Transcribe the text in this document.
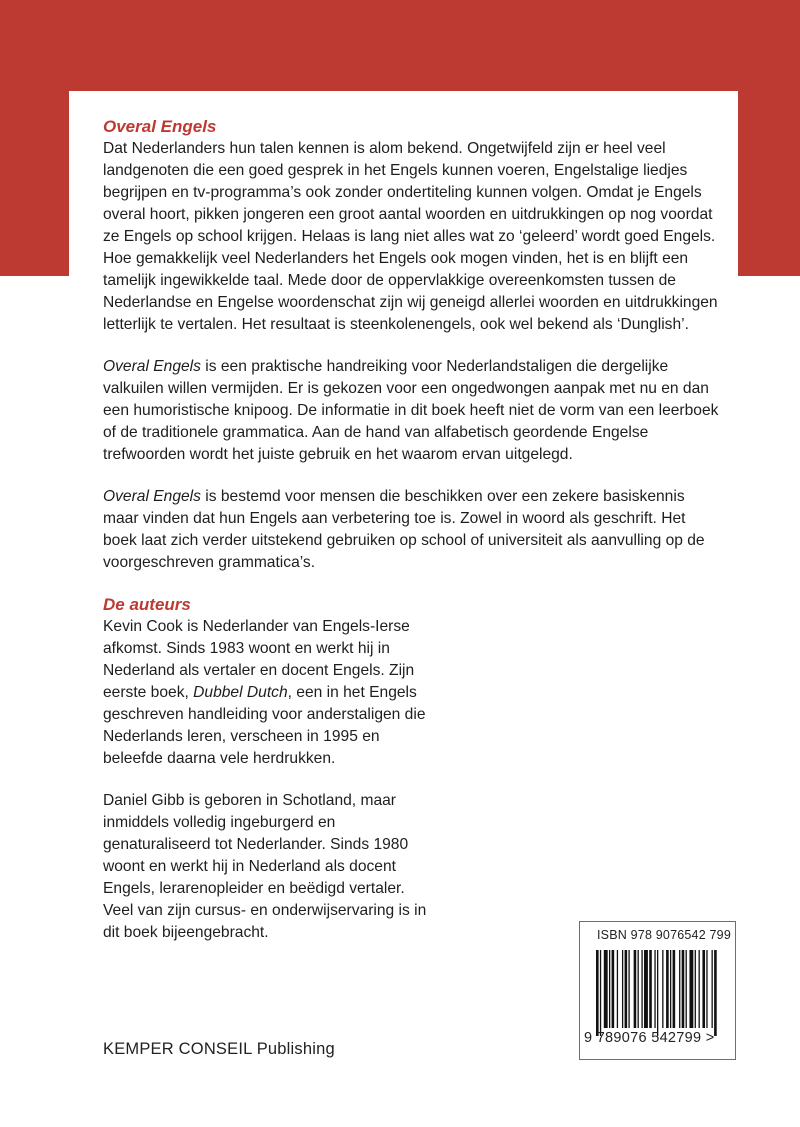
Overal Engels

Dat Nederlanders hun talen kennen is alom bekend. Ongetwijfeld zijn er heel veel landgenoten die een goed gesprek in het Engels kunnen voeren, Engelstalige liedjes begrijpen en tv-programma’s ook zonder ondertiteling kunnen volgen. Omdat je Engels overal hoort, pikken jongeren een groot aantal woorden en uitdrukkingen op nog voordat ze Engels op school krijgen. Helaas is lang niet alles wat zo ‘geleerd’ wordt goed Engels. Hoe gemakkelijk veel Nederlanders het Engels ook mogen vinden, het is en blijft een tamelijk ingewikkelde taal. Mede door de oppervlakkige overeenkomsten tussen de Nederlandse en Engelse woordenschat zijn wij geneigd allerlei woorden en uitdrukkingen letterlijk te vertalen. Het resultaat is steenkolenengels, ook wel bekend als ‘Dunglish’.

Overal Engels is een praktische handreiking voor Nederlandstaligen die dergelijke valkuilen willen vermijden. Er is gekozen voor een ongedwongen aanpak met nu en dan een humoristische knipoog. De informatie in dit boek heeft niet de vorm van een leerboek of de traditionele grammatica. Aan de hand van alfabetisch geordende Engelse trefwoorden wordt het juiste gebruik en het waarom ervan uitgelegd.

Overal Engels is bestemd voor mensen die beschikken over een zekere basiskennis maar vinden dat hun Engels aan verbetering toe is. Zowel in woord als geschrift. Het boek laat zich verder uitstekend gebruiken op school of universiteit als aanvulling op de voorgeschreven grammatica’s.

De auteurs

Kevin Cook is Nederlander van Engels-Ierse afkomst. Sinds 1983 woont en werkt hij in Nederland als vertaler en docent Engels. Zijn eerste boek, Dubbel Dutch, een in het Engels geschreven handleiding voor anderstaligen die Nederlands leren, verscheen in 1995 en beleefde daarna vele herdrukken.

Daniel Gibb is geboren in Schotland, maar inmiddels volledig ingeburgerd en genaturaliseerd tot Nederlander. Sinds 1980 woont en werkt hij in Nederland als docent Engels, lerarenopleider en beëdigd vertaler. Veel van zijn cursus- en onderwijservaring is in dit boek bijeengebracht.

KEMPER CONSEIL Publishing
ISBN 978 9076542 799
9 789076 542799 >
